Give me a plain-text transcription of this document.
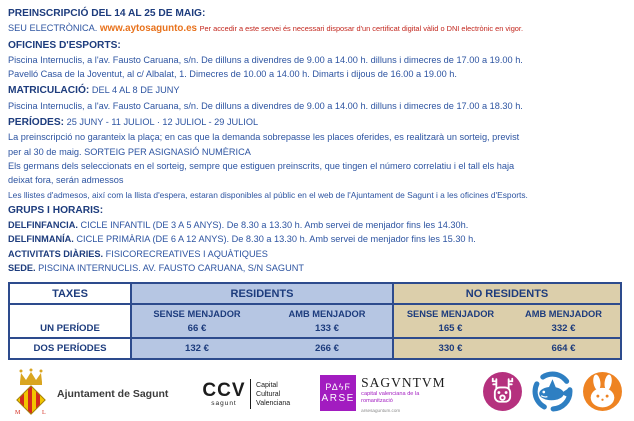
PREINSCRIPCIÓ DEL 14 AL 25 DE MAIG:
SEU ELECTRÒNICA. www.aytosagunto.es Per accedir a este servei és necessari disposar d'un certificat digital vàlid o DNI electrònic en vigor.
OFICINES D'ESPORTS:
Piscina Internuclis, a l'av. Fausto Caruana, s/n. De dilluns a divendres de 9.00 a 14.00 h. dilluns i dimecres de 17.00 a 19.00 h.
Pavelló Casa de la Joventut, al c/ Albalat, 1. Dimecres de 10.00 a 14.00 h. Dimarts i dijous de 16.00 a 19.00 h.
MATRICULACIÓ: DEL 4 AL 8 DE JUNY
Piscina Internuclis, a l'av. Fausto Caruana, s/n. De dilluns a divendres de 9.00 a 14.00 h. dilluns i dimecres de 17.00 a 18.30 h.
PERÍODES: 25 JUNY - 11 JULIOL · 12 JULIOL - 29 JULIOL
La preinscripció no garanteix la plaça; en cas que la demanda sobrepasse les places oferides, es realitzarà un sorteig, previst
per al 30 de maig. SORTEIG PER ASIGNASIÓ NUMÈRICA
Els germans dels seleccionats en el sorteig, sempre que estiguen preinscrits, que tingen el número correlatiu i el tall els haja
deixat fora, serán admessos
Les llistes d'admesos, així com la llista d'espera, estaran disponibles al públic en el web de l'Ajuntament de Sagunt i a les oficines d'Esports.
GRUPS I HORARIS:
DELFINFANCIA. CICLE INFANTIL (DE 3 A 5 ANYS). De 8.30 a 13.30 h. Amb servei de menjador fins les 14.30h.
DELFINMANÍA. CICLE PRIMÀRIA (DE 6 A 12 ANYS). De 8.30 a 13.30 h. Amb servei de menjador fins les 15.30 h.
ACTIVITATS DIÀRIES. FISICORECREATIVES I AQUÀTIQUES
SEDE. PISCINA INTERNUCLIS. AV. FAUSTO CARUANA, S/N SAGUNT
TAXES	RESIDENTS		NO RESIDENTS	
	SENSE MENJADOR	AMB MENJADOR	SENSE MENJADOR	AMB MENJADOR
UN PERÍODE	66 €	133 €	165 €	332 €
DOS PERÍODES	132 €	266 €	330 €	664 €
M	L
Ajuntament de Sagunt CCV
sagunt
Capital
Cultural
Valenciana
ΡΔϟϜ
ARSE
SAGVNTVM
capital valenciana de la romanització
arsesaguntum.com
